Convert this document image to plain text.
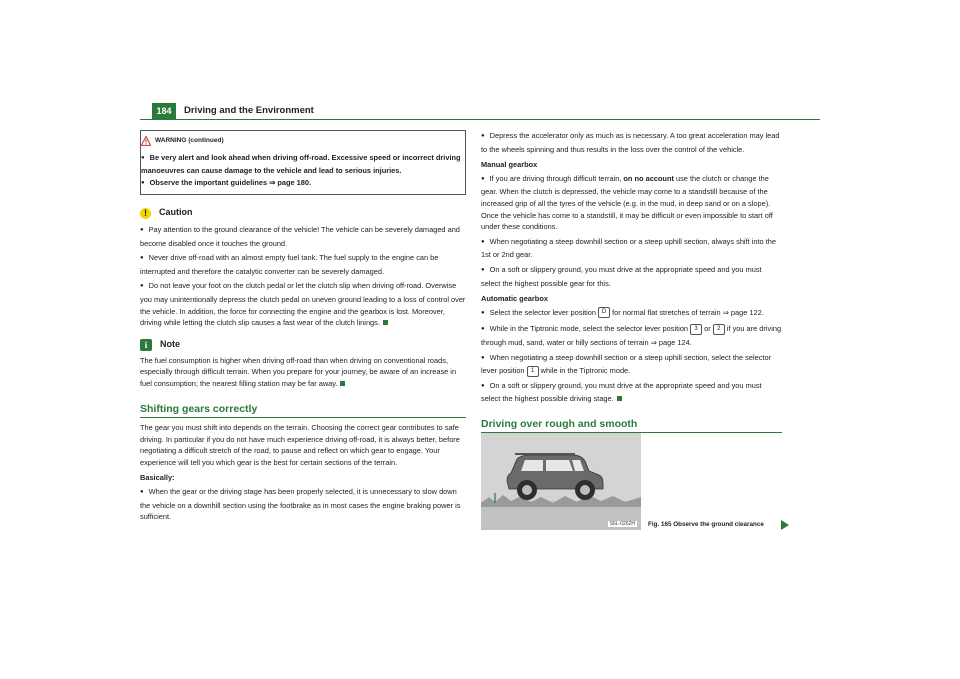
184	Driving and the Environment
WARNING (continued)

● Be very alert and look ahead when driving off-road. Excessive speed or incorrect driving manoeuvres can cause damage to the vehicle and lead to serious injuries.

● Observe the important guidelines ⇒ page 180.

!	Caution

● Pay attention to the ground clearance of the vehicle! The vehicle can be severely damaged and become disabled once it touches the ground.

● Never drive off-road with an almost empty fuel tank. The fuel supply to the engine can be interrupted and therefore the catalytic converter can be severely damaged.

● Do not leave your foot on the clutch pedal or let the clutch slip when driving off-road. Overwise you may unintentionally depress the clutch pedal on uneven ground leading to a loss of control over the vehicle. In addition, the force for connecting the engine and the gearbox is lost. Moreover, driving while letting the clutch slip causes a fast wear of the clutch linings.

i	Note

The fuel consumption is higher when driving off-road than when driving on conventional roads, especially through difficult terrain. When you prepare for your journey, be aware of an increase in fuel consumption; the nearest filling station may be far away.

Shifting gears correctly

The gear you must shift into depends on the terrain. Choosing the correct gear contributes to safe driving. In particular if you do not have much experience driving off-road, it is always better, before negotiating a difficult stretch of the road, to pause and reflect on which gear to engage. Your experience will tell you which gear is the best for certain sections of the terrain.

Basically:

● When the gear or the driving stage has been properly selected, it is unnecessary to slow down the vehicle on a downhill section using the footbrake as in most cases the engine braking power is sufficient.

● Depress the accelerator only as much as is necessary. A too great acceleration may lead to the wheels spinning and thus results in the loss over the control of the vehicle.

Manual gearbox

● If you are driving through difficult terrain, on no account use the clutch or change the gear. When the clutch is depressed, the vehicle may come to a standstill because of the increased grip of all the tyres of the vehicle (e.g. in the mud, in deep sand or on a slope). Once the vehicle has come to a standstill, it may be difficult or even impossible to start off under these conditions.

● When negotiating a steep downhill section or a steep uphill section, always shift into the 1st or 2nd gear.

● On a soft or slippery ground, you must drive at the appropriate speed and you must select the highest possible gear for this.

Automatic gearbox

● Select the selector lever position D for normal flat stretches of terrain ⇒ page 122.

● While in the Tiptronic mode, select the selector lever position 3 or 2 if you are driving through mud, sand, water or hilly sections of terrain ⇒ page 124.

● When negotiating a steep downhill section or a steep uphill section, select the selector lever position 1 while in the Tiptronic mode.

● On a soft or slippery ground, you must drive at the appropriate speed and you must select the highest possible driving stage.

Driving over rough and smooth
S6L-0262H	Fig. 165 Observe the ground clearance
